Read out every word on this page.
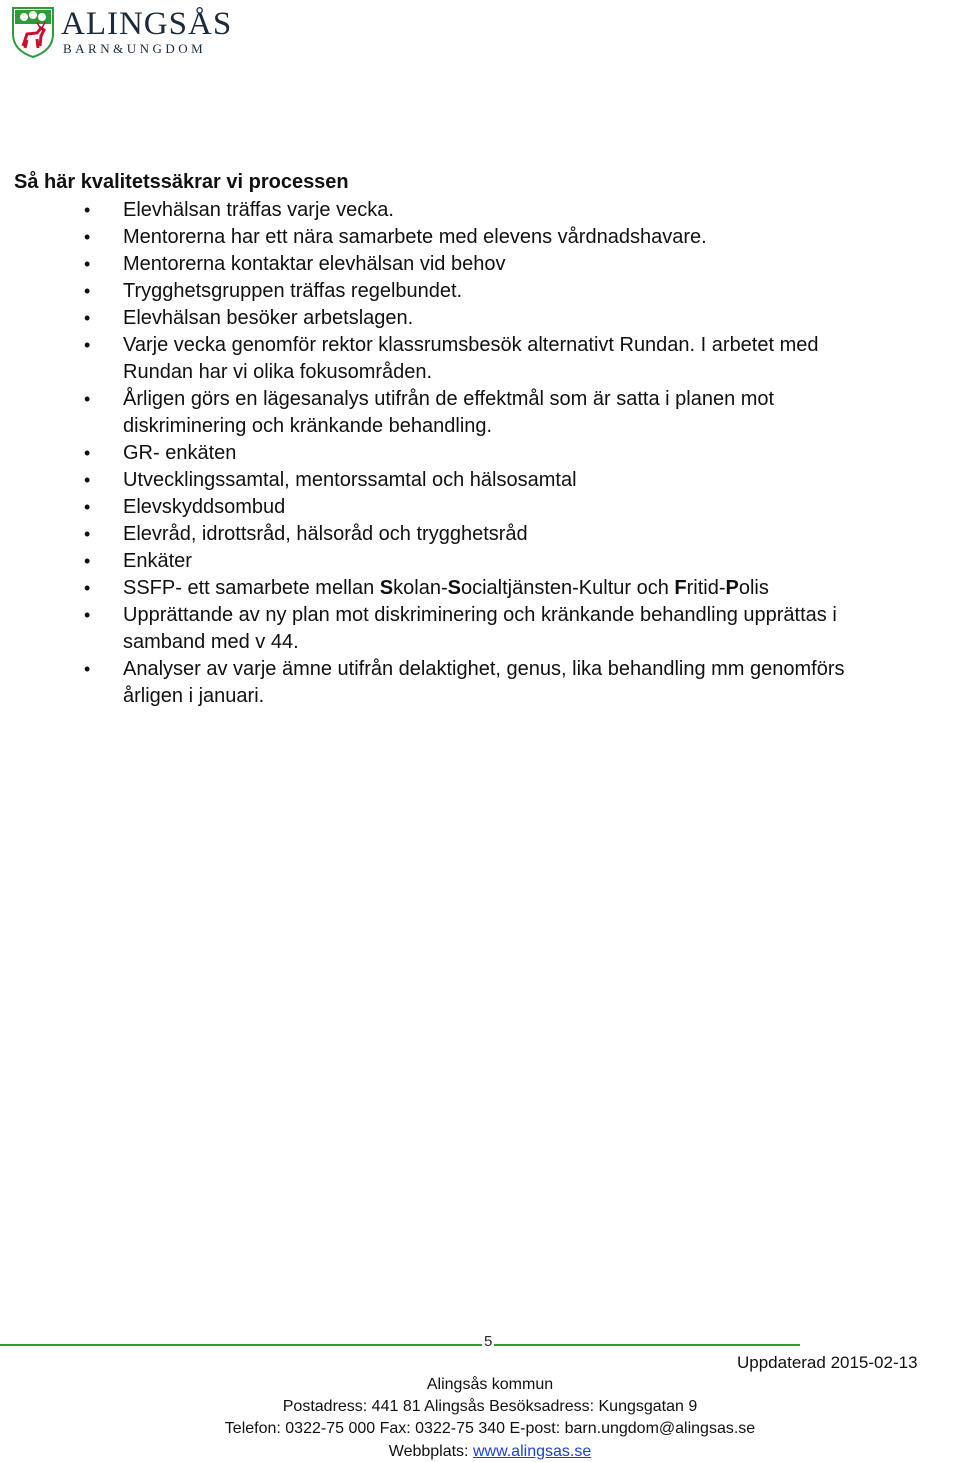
ALINGSÅS
BARN&UNGDOM
Så här kvalitetssäkrar vi processen
• Elevhälsan träffas varje vecka.
• Mentorerna har ett nära samarbete med elevens vårdnadshavare.
• Mentorerna kontaktar elevhälsan vid behov
• Trygghetsgruppen träffas regelbundet.
• Elevhälsan besöker arbetslagen.
• Varje vecka genomför rektor klassrumsbesök alternativt Rundan. I arbetet med
Rundan har vi olika fokusområden.
• Årligen görs en lägesanalys utifrån de effektmål som är satta i planen mot
diskriminering och kränkande behandling.
• GR- enkäten
• Utvecklingssamtal, mentorssamtal och hälsosamtal
• Elevskyddsombud
• Elevråd, idrottsråd, hälsoråd och trygghetsråd
• Enkäter
• SSFP- ett samarbete mellan Skolan-Socialtjänsten-Kultur och Fritid-Polis
• Upprättande av ny plan mot diskriminering och kränkande behandling upprättas i
samband med v 44.
• Analyser av varje ämne utifrån delaktighet, genus, lika behandling mm genomförs
årligen i januari.
5
Uppdaterad 2015-02-13
Alingsås kommun
Postadress: 441 81 Alingsås Besöksadress: Kungsgatan 9
Telefon: 0322-75 000 Fax: 0322-75 340 E-post: barn.ungdom@alingsas.se
Webbplats: www.alingsas.se
